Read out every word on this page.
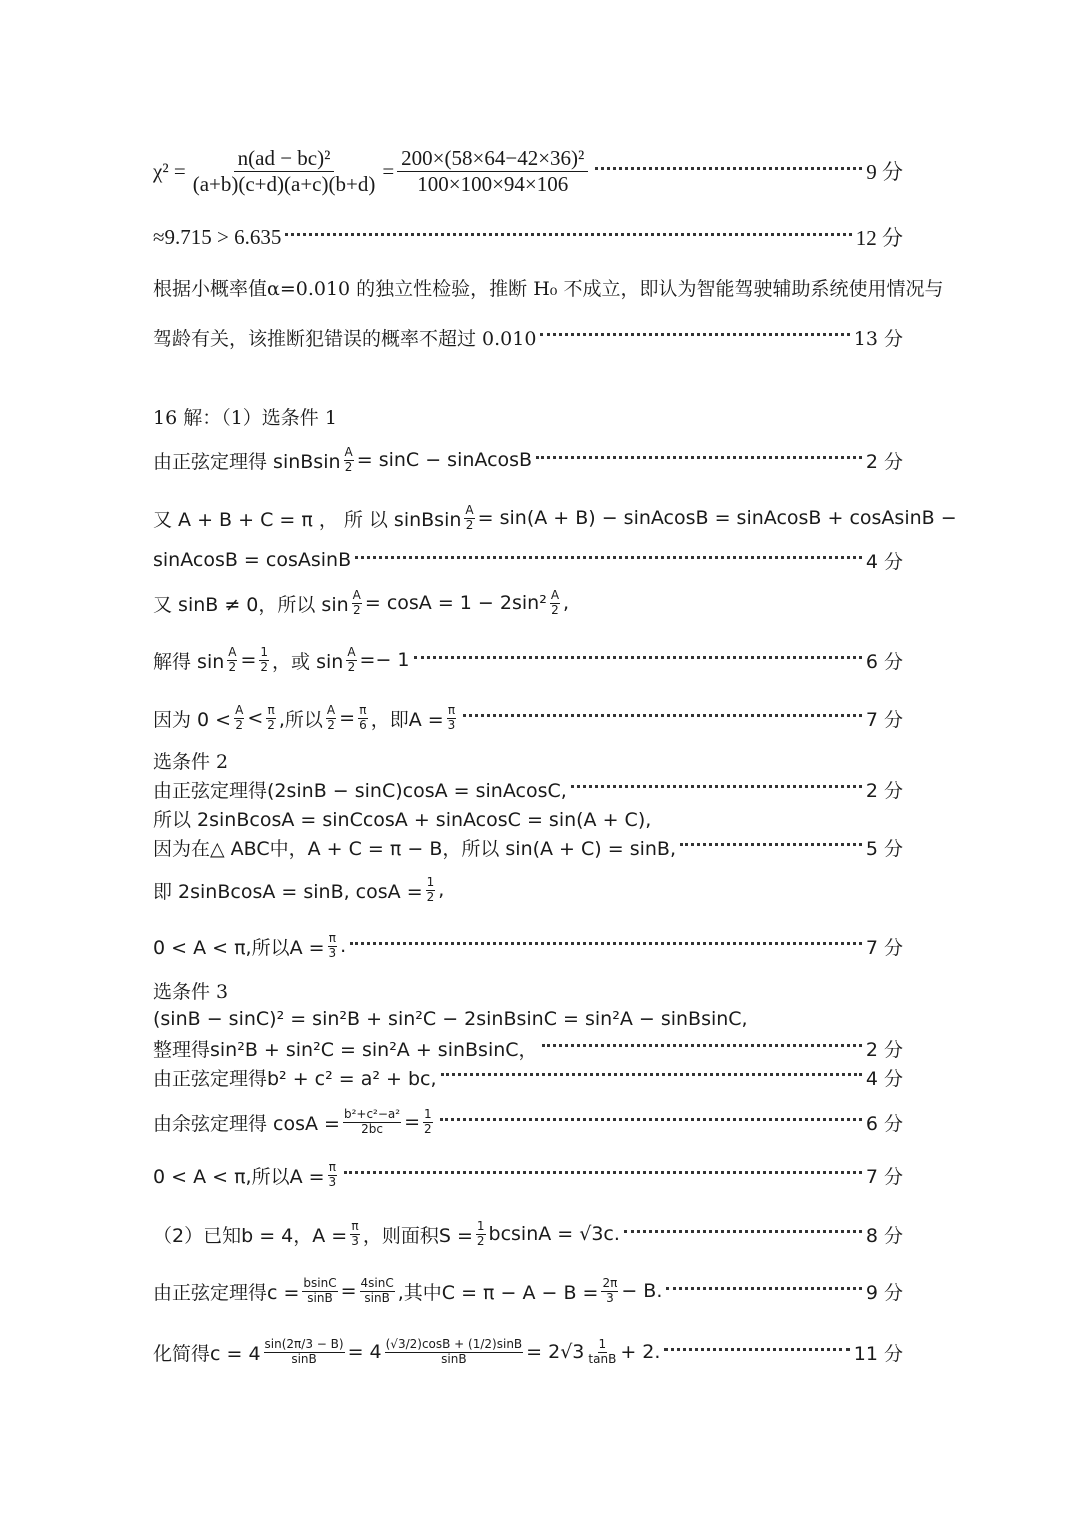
$\chi^2 = \frac{\text{n(ad − bc)²}}{(a+b)(c+d)(a+c)(b+d)} = \frac{\text{200×(58×64−42×36)²}}{100\times 100\times 94\times 106}$	9 分
≈9.715 > 6.635	12 分
根据小概率值α=0.010 的独立性检验，推断 H₀ 不成立，即认为智能驾驶辅助系统使用情况与
驾龄有关，该推断犯错误的概率不超过 0.010	13 分
16 解：（1）选条件 1
由正弦定理得 sinBsin $\frac{A}{2} = \sin C$ − sinAcosB	2 分
又 A + B + C = π ， 所 以 sinBsin $\frac{A}{2} = \sin(A + B)$ − sinAcosB = sinAcosB + cosAsinB −
sinAcosB = cosAsinB	4 分
又 sinB ≠ 0，所以 $\sin \frac{A}{2} = \cos A = 1 - 2\sin^2 \frac{A}{2}$ ,
解得 $\sin \frac{A}{2} = \frac{1}{2}$ ，或 $\sin \frac{A}{2} =- 1$	6 分
因为 $0 < \frac{A}{2} < \frac{\pi}{2}$ ,所以 $\frac{A}{2} = \frac{\pi}{6}$ ，即$A = \frac{\pi}{3}$	7 分
选条件 2
由正弦定理得(2sinB − sinC)cosA = sinAcosC,	2 分
所以 2sinBcosA = sinCcosA + sinAcosC = sin(A + C),
因为在△ ABC中，A + C = π − B，所以 sin(A + C) = sinB,	5 分
即 2sinBcosA = sinB, $\cos A = \frac{1}{2}$ ,
0 < A < π,所以$A = \frac{\pi}{3}$ .	7 分
选条件 3
(sinB − sinC)² = sin²B + sin²C − 2sinBsinC = sin²A − sinBsinC,
整理得sin²B + sin²C = sin²A + sinBsinC，	2 分
由正弦定理得b² + c² = a² + bc,	4 分
由余弦定理得 $\cos A = \frac{\text{b²+c²−a²}}{2bc} = \frac{1}{2}$	6 分
0 < A < π,所以$A = \frac{\pi}{3}$	7 分
（2）已知b = 4，$A = \frac{\pi}{3}$ ，则面积$S = \frac{1}{2}$ bcsinA = √3c.	8 分
由正弦定理得$c = \frac{bsinC}{\sin B} = \frac{4\sin C}{\sin B}$ ,其中$C = \pi - A - B = \frac{2\pi}{3} - B$.	9 分
化简得$c = 4 \frac{\sin(2\pi/3 - B)}{\sin B} = 4 \frac{(√3/2)\cos B + (1/2)\sin B}{\sin B} = 2√3 \frac{1}{\tan B} + 2$.	11 分
